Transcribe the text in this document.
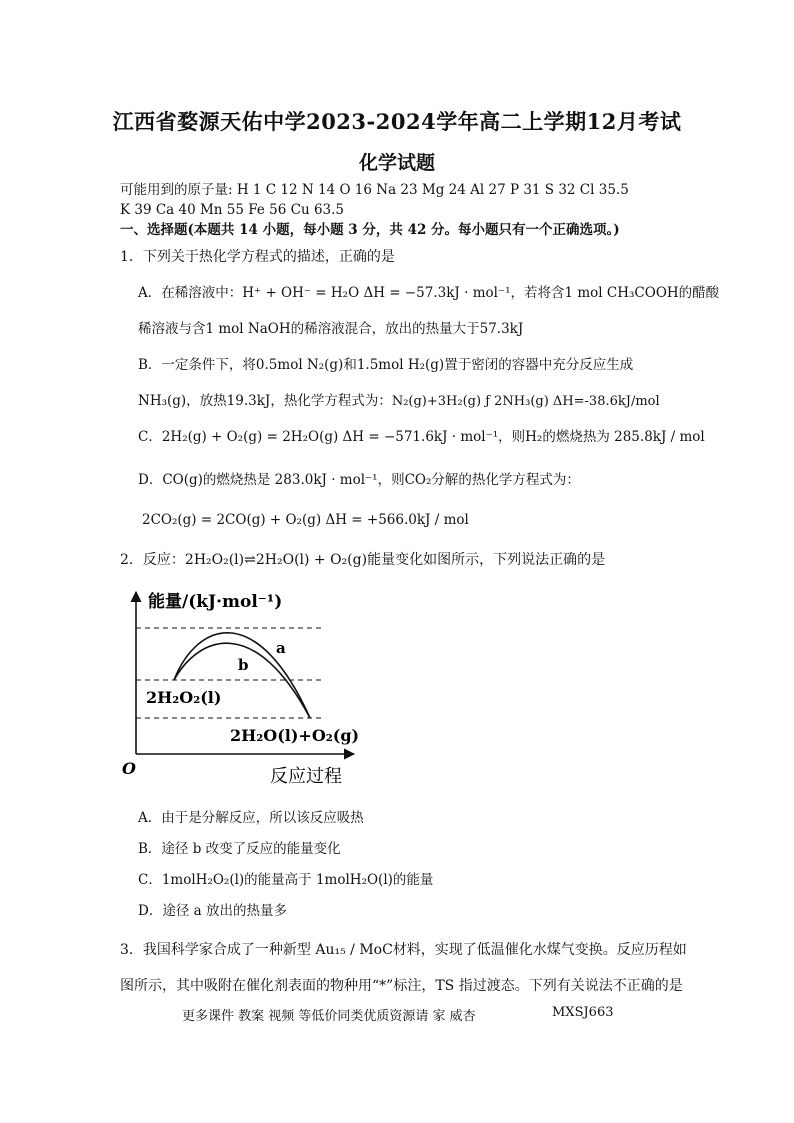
江西省婺源天佑中学2023-2024学年高二上学期12月考试
化学试题
可能用到的原子量: H 1 C 12 N 14 O 16 Na 23 Mg 24 Al 27 P 31 S 32 Cl 35.5
K 39 Ca 40 Mn 55 Fe 56 Cu 63.5
一、选择题(本题共 14 小题，每小题 3 分，共 42 分。每小题只有一个正确选项。)
1．下列关于热化学方程式的描述，正确的是
A．在稀溶液中：H⁺ + OH⁻ = H₂O ΔH = −57.3kJ · mol⁻¹，若将含1 mol CH₃COOH的醋酸
稀溶液与含1 mol NaOH的稀溶液混合，放出的热量大于57.3kJ
B．一定条件下，将0.5mol N₂(g)和1.5mol H₂(g)置于密闭的容器中充分反应生成
NH₃(g)，放热19.3kJ，热化学方程式为：N₂(g)+3H₂(g) ƒ 2NH₃(g) ΔH=-38.6kJ/mol
C．2H₂(g) + O₂(g) = 2H₂O(g) ΔH = −571.6kJ · mol⁻¹，则H₂的燃烧热为 285.8kJ / mol
D．CO(g)的燃烧热是 283.0kJ · mol⁻¹，则CO₂分解的热化学方程式为：
2CO₂(g) = 2CO(g) + O₂(g) ΔH = +566.0kJ / mol
2．反应：2H₂O₂(l)⇌2H₂O(l) + O₂(g)能量变化如图所示，下列说法正确的是
能量/(kJ·mol⁻¹)
a
b
2H₂O₂(l)
2H₂O(l)+O₂(g)
O	反应过程
A．由于是分解反应，所以该反应吸热
B．途径 b 改变了反应的能量变化
C．1molH₂O₂(l)的能量高于 1molH₂O(l)的能量
D．途径 a 放出的热量多
3．我国科学家合成了一种新型 Au₁₅ / MoC材料，实现了低温催化水煤气变换。反应历程如
图所示，其中吸附在催化剂表面的物种用“*”标注，TS 指过渡态。下列有关说法不正确的是
更多课件 教案 视频 等低价同类优质资源请 家 威杏	MXSJ663
